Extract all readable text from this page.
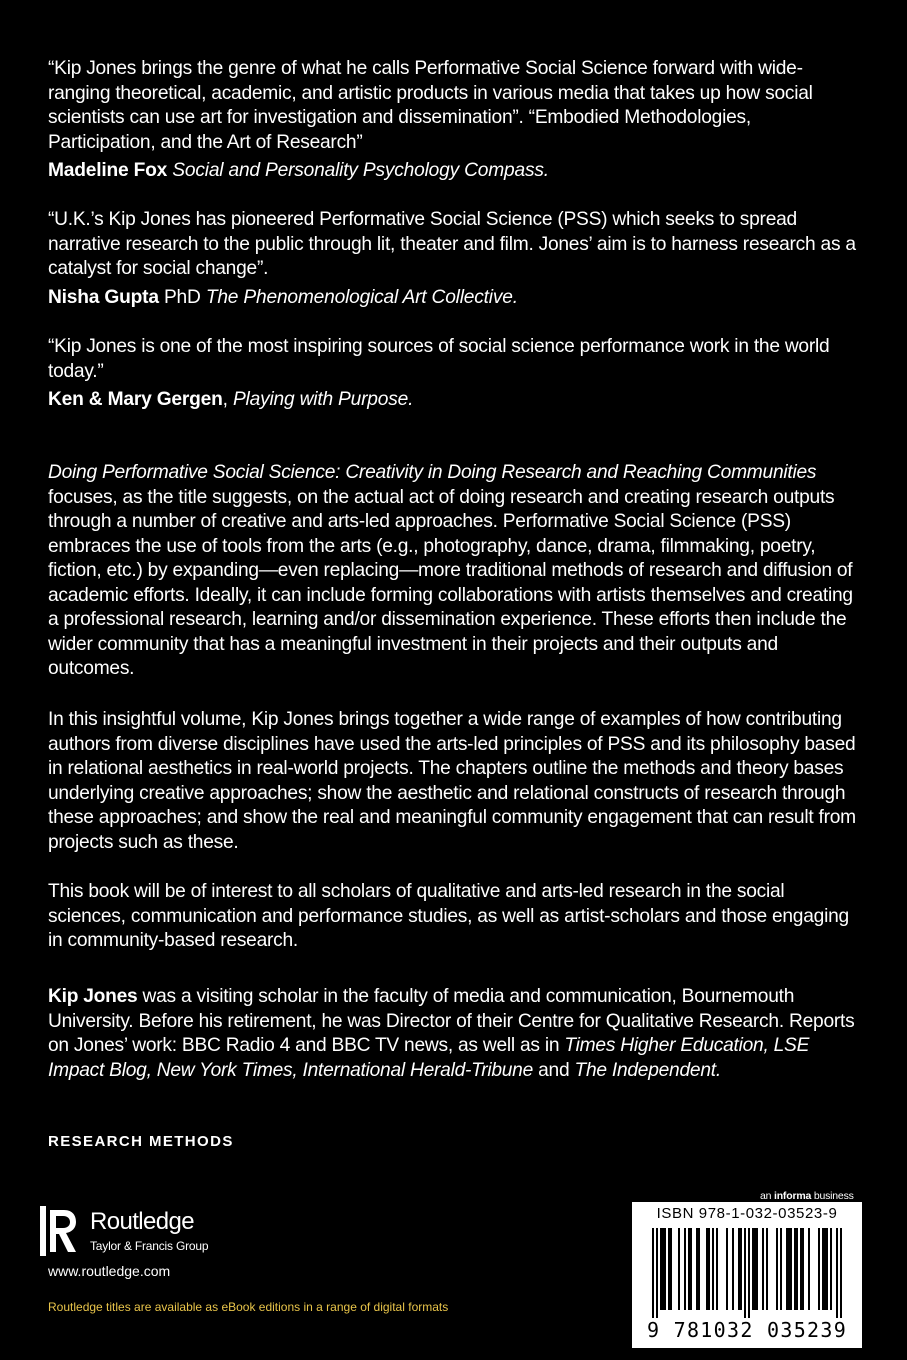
“Kip Jones brings the genre of what he calls Performative Social Science forward with wide-ranging theoretical, academic, and artistic products in various media that takes up how social scientists can use art for investigation and dissemination”. “Embodied Methodologies, Participation, and the Art of Research”

Madeline Fox Social and Personality Psychology Compass.

“U.K.’s Kip Jones has pioneered Performative Social Science (PSS) which seeks to spread narrative research to the public through lit, theater and film. Jones’ aim is to harness research as a catalyst for social change”.

Nisha Gupta PhD The Phenomenological Art Collective.

“Kip Jones is one of the most inspiring sources of social science performance work in the world today.”

Ken & Mary Gergen, Playing with Purpose.

Doing Performative Social Science: Creativity in Doing Research and Reaching Communities focuses, as the title suggests, on the actual act of doing research and creating research outputs through a number of creative and arts-led approaches. Performative Social Science (PSS) embraces the use of tools from the arts (e.g., photography, dance, drama, filmmaking, poetry, fiction, etc.) by expanding—even replacing—more traditional methods of research and diffusion of academic efforts. Ideally, it can include forming collaborations with artists themselves and creating a professional research, learning and/or dissemination experience. These efforts then include the wider community that has a meaningful investment in their projects and their outputs and outcomes.

In this insightful volume, Kip Jones brings together a wide range of examples of how contributing authors from diverse disciplines have used the arts-led principles of PSS and its philosophy based in relational aesthetics in real-world projects. The chapters outline the methods and theory bases underlying creative approaches; show the aesthetic and relational constructs of research through these approaches; and show the real and meaningful community engagement that can result from projects such as these.

This book will be of interest to all scholars of qualitative and arts-led research in the social sciences, communication and performance studies, as well as artist-scholars and those engaging in community-based research.

Kip Jones was a visiting scholar in the faculty of media and communication, Bournemouth University. Before his retirement, he was Director of their Centre for Qualitative Research. Reports on Jones’ work: BBC Radio 4 and BBC TV news, as well as in Times Higher Education, LSE Impact Blog, New York Times, International Herald-Tribune and The Independent.

RESEARCH METHODS
Routledge
Taylor & Francis Group
www.routledge.com
Routledge titles are available as eBook editions in a range of digital formats
an informa business
ISBN 978-1-032-03523-9
9 781032 035239
